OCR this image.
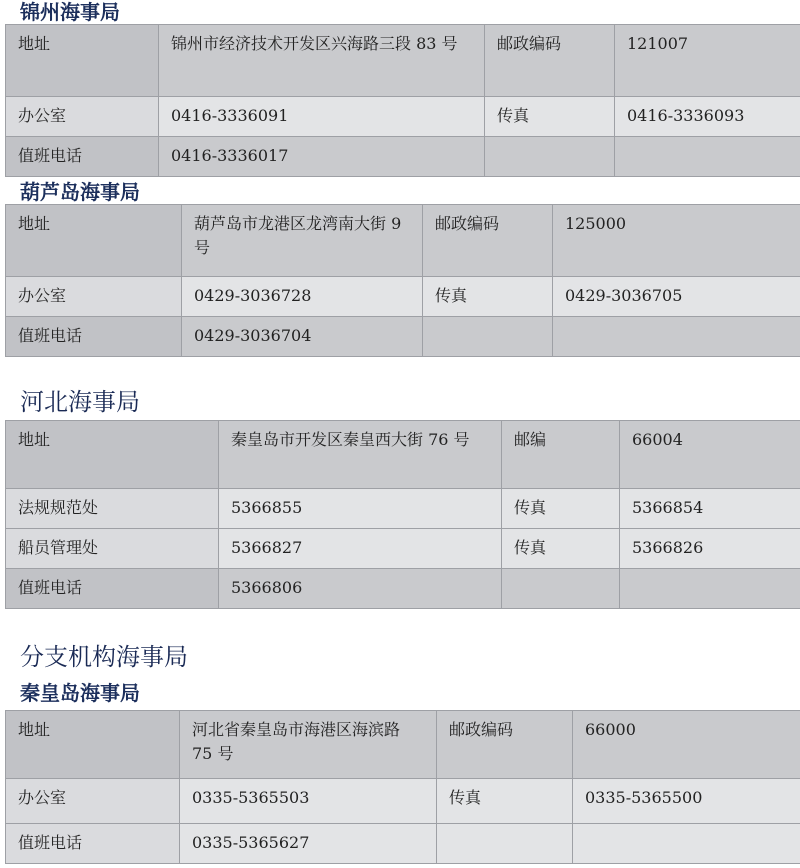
锦州海事局
地址	锦州市经济技术开发区兴海路三段 83 号	邮政编码	121007
办公室	0416-3336091	传真	0416-3336093
值班电话	0416-3336017		
葫芦岛海事局
地址	葫芦岛市龙港区龙湾南大街 9 号	邮政编码	125000
办公室	0429-3036728	传真	0429-3036705
值班电话	0429-3036704		
河北海事局
地址	秦皇岛市开发区秦皇西大街 76 号	邮编	66004
法规规范处	5366855	传真	5366854
船员管理处	5366827	传真	5366826
值班电话	5366806		
分支机构海事局
秦皇岛海事局
地址	河北省秦皇岛市海港区海滨路 75 号	邮政编码	66000
办公室	0335-5365503	传真	0335-5365500
值班电话	0335-5365627		
